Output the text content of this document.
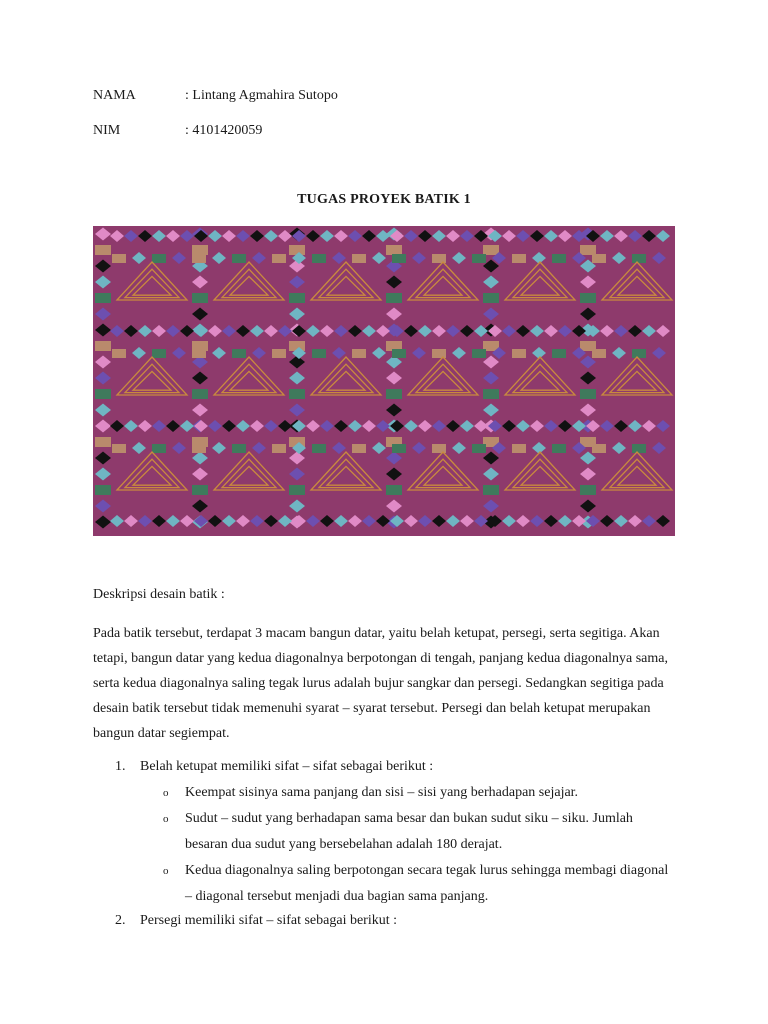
NAMA	: Lintang Agmahira Sutopo
NIM	: 4101420059
TUGAS PROYEK BATIK 1
Deskripsi desain batik :

Pada batik tersebut, terdapat 3 macam bangun datar, yaitu belah ketupat, persegi, serta segitiga. Akan tetapi, bangun datar yang kedua diagonalnya berpotongan di tengah, panjang kedua diagonalnya sama, serta kedua diagonalnya saling tegak lurus adalah bujur sangkar dan persegi. Sedangkan segitiga pada desain batik tersebut tidak memenuhi syarat – syarat tersebut. Persegi dan belah ketupat merupakan bangun datar segiempat.

1. Belah ketupat memiliki sifat – sifat sebagai berikut :
o Keempat sisinya sama panjang dan sisi – sisi yang berhadapan sejajar.
o Sudut – sudut yang berhadapan sama besar dan bukan sudut siku – siku. Jumlah besaran dua sudut yang bersebelahan adalah 180 derajat.
o Kedua diagonalnya saling berpotongan secara tegak lurus sehingga membagi diagonal – diagonal tersebut menjadi dua bagian sama panjang.
2. Persegi memiliki sifat – sifat sebagai berikut :
